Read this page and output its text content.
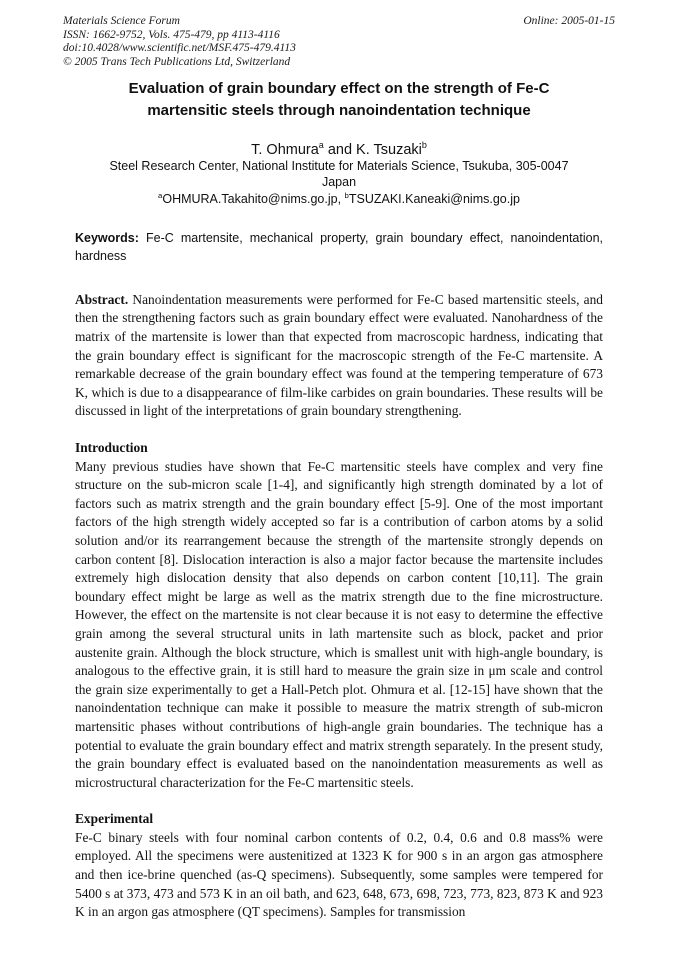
Materials Science Forum
ISSN: 1662-9752, Vols. 475-479, pp 4113-4116
doi:10.4028/www.scientific.net/MSF.475-479.4113
© 2005 Trans Tech Publications Ltd, Switzerland
Online: 2005-01-15
Evaluation of grain boundary effect on the strength of Fe-C martensitic steels through nanoindentation technique
T. Ohmura$^a$ and K. Tsuzaki$^b$
Steel Research Center, National Institute for Materials Science, Tsukuba, 305-0047
Japan
$^a$OHMURA.Takahito@nims.go.jp, $^b$TSUZAKI.Kaneaki@nims.go.jp
Keywords: Fe-C martensite, mechanical property, grain boundary effect, nanoindentation, hardness
Abstract. Nanoindentation measurements were performed for Fe-C based martensitic steels, and then the strengthening factors such as grain boundary effect were evaluated. Nanohardness of the matrix of the martensite is lower than that expected from macroscopic hardness, indicating that the grain boundary effect is significant for the macroscopic strength of the Fe-C martensite. A remarkable decrease of the grain boundary effect was found at the tempering temperature of 673 K, which is due to a disappearance of film-like carbides on grain boundaries. These results will be discussed in light of the interpretations of grain boundary strengthening.
Introduction
Many previous studies have shown that Fe-C martensitic steels have complex and very fine structure on the sub-micron scale [1-4], and significantly high strength dominated by a lot of factors such as matrix strength and the grain boundary effect [5-9]. One of the most important factors of the high strength widely accepted so far is a contribution of carbon atoms by a solid solution and/or its rearrangement because the strength of the martensite strongly depends on carbon content [8]. Dislocation interaction is also a major factor because the martensite includes extremely high dislocation density that also depends on carbon content [10,11]. The grain boundary effect might be large as well as the matrix strength due to the fine microstructure. However, the effect on the martensite is not clear because it is not easy to determine the effective grain among the several structural units in lath martensite such as block, packet and prior austenite grain. Although the block structure, which is smallest unit with high-angle boundary, is analogous to the effective grain, it is still hard to measure the grain size in μm scale and control the grain size experimentally to get a Hall-Petch plot. Ohmura et al. [12-15] have shown that the nanoindentation technique can make it possible to measure the matrix strength of sub-micron martensitic phases without contributions of high-angle grain boundaries. The technique has a potential to evaluate the grain boundary effect and matrix strength separately. In the present study, the grain boundary effect is evaluated based on the nanoindentation measurements as well as microstructural characterization for the Fe-C martensitic steels.
Experimental
Fe-C binary steels with four nominal carbon contents of 0.2, 0.4, 0.6 and 0.8 mass% were employed. All the specimens were austenitized at 1323 K for 900 s in an argon gas atmosphere and then ice-brine quenched (as-Q specimens). Subsequently, some samples were tempered for 5400 s at 373, 473 and 573 K in an oil bath, and 623, 648, 673, 698, 723, 773, 823, 873 K and 923 K in an argon gas atmosphere (QT specimens). Samples for transmission
